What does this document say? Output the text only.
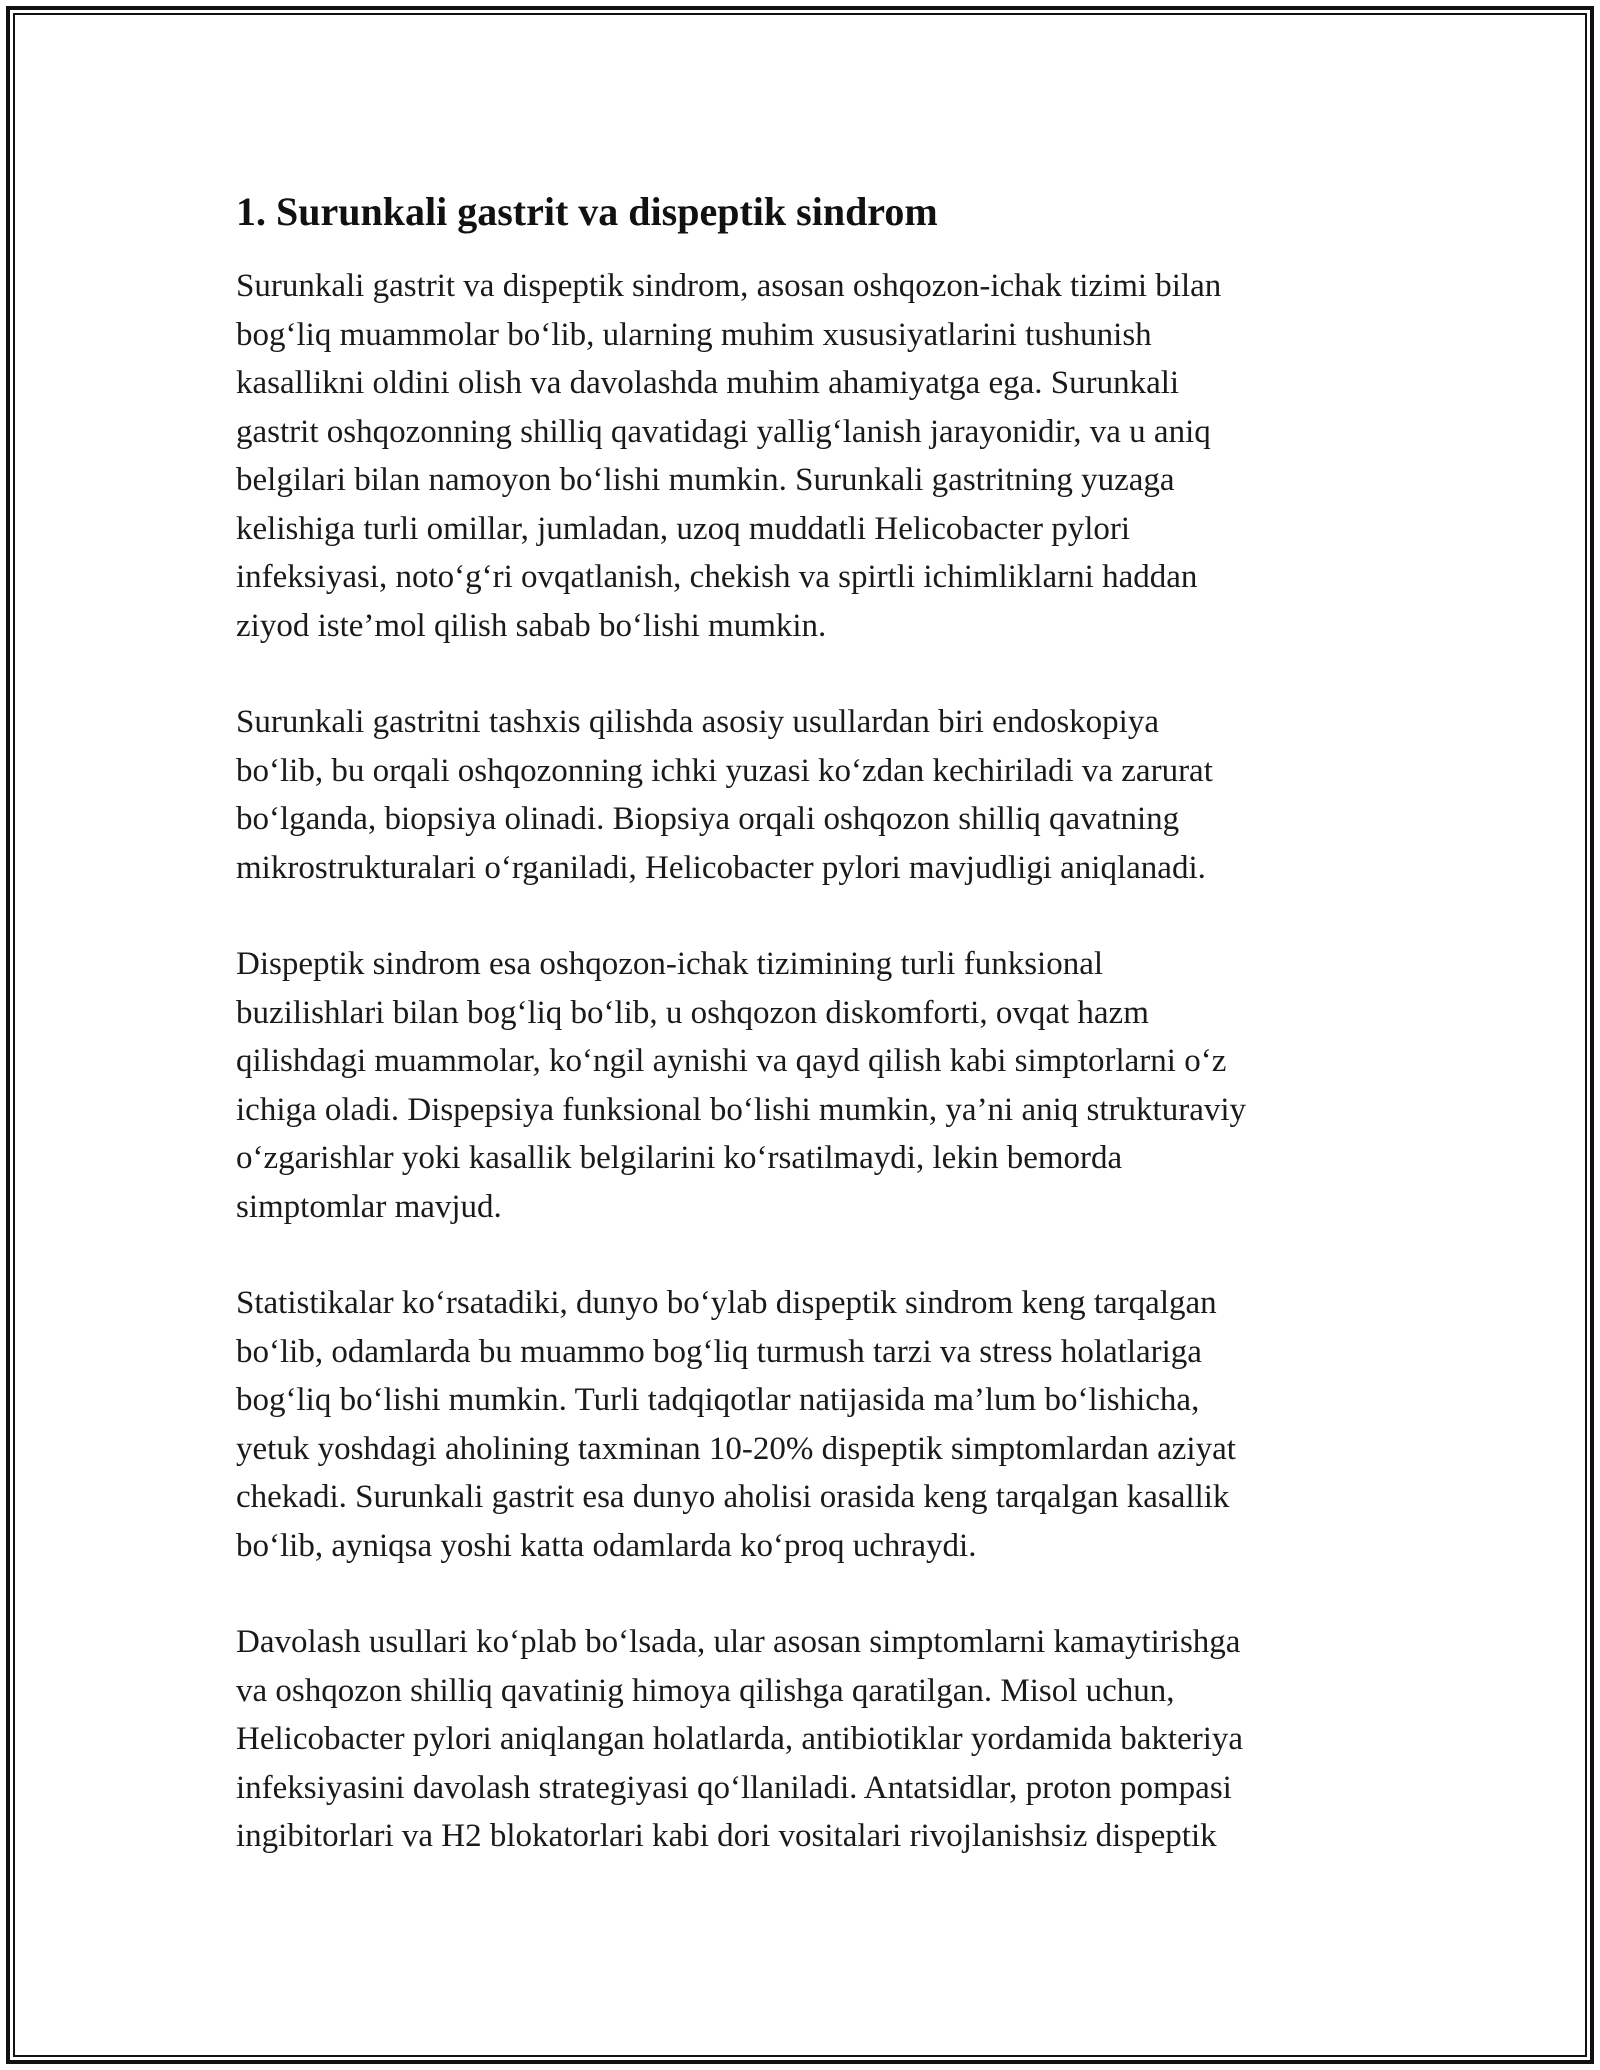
1. Surunkali gastrit va dispeptik sindrom

Surunkali gastrit va dispeptik sindrom, asosan oshqozon-ichak tizimi bilan
bog‘liq muammolar bo‘lib, ularning muhim xususiyatlarini tushunish
kasallikni oldini olish va davolashda muhim ahamiyatga ega. Surunkali
gastrit oshqozonning shilliq qavatidagi yallig‘lanish jarayonidir, va u aniq
belgilari bilan namoyon bo‘lishi mumkin. Surunkali gastritning yuzaga
kelishiga turli omillar, jumladan, uzoq muddatli Helicobacter pylori
infeksiyasi, noto‘g‘ri ovqatlanish, chekish va spirtli ichimliklarni haddan
ziyod iste’mol qilish sabab bo‘lishi mumkin.

Surunkali gastritni tashxis qilishda asosiy usullardan biri endoskopiya
bo‘lib, bu orqali oshqozonning ichki yuzasi ko‘zdan kechiriladi va zarurat
bo‘lganda, biopsiya olinadi. Biopsiya orqali oshqozon shilliq qavatning
mikrostrukturalari o‘rganiladi, Helicobacter pylori mavjudligi aniqlanadi.

Dispeptik sindrom esa oshqozon-ichak tizimining turli funksional
buzilishlari bilan bog‘liq bo‘lib, u oshqozon diskomforti, ovqat hazm
qilishdagi muammolar, ko‘ngil aynishi va qayd qilish kabi simptorlarni o‘z
ichiga oladi. Dispepsiya funksional bo‘lishi mumkin, ya’ni aniq strukturaviy
o‘zgarishlar yoki kasallik belgilarini ko‘rsatilmaydi, lekin bemorda
simptomlar mavjud.

Statistikalar ko‘rsatadiki, dunyo bo‘ylab dispeptik sindrom keng tarqalgan
bo‘lib, odamlarda bu muammo bog‘liq turmush tarzi va stress holatlariga
bog‘liq bo‘lishi mumkin. Turli tadqiqotlar natijasida ma’lum bo‘lishicha,
yetuk yoshdagi aholining taxminan 10-20% dispeptik simptomlardan aziyat
chekadi. Surunkali gastrit esa dunyo aholisi orasida keng tarqalgan kasallik
bo‘lib, ayniqsa yoshi katta odamlarda ko‘proq uchraydi.

Davolash usullari ko‘plab bo‘lsada, ular asosan simptomlarni kamaytirishga
va oshqozon shilliq qavatinig himoya qilishga qaratilgan. Misol uchun,
Helicobacter pylori aniqlangan holatlarda, antibiotiklar yordamida bakteriya
infeksiyasini davolash strategiyasi qo‘llaniladi. Antatsidlar, proton pompasi
ingibitorlari va H2 blokatorlari kabi dori vositalari rivojlanishsiz dispeptik
